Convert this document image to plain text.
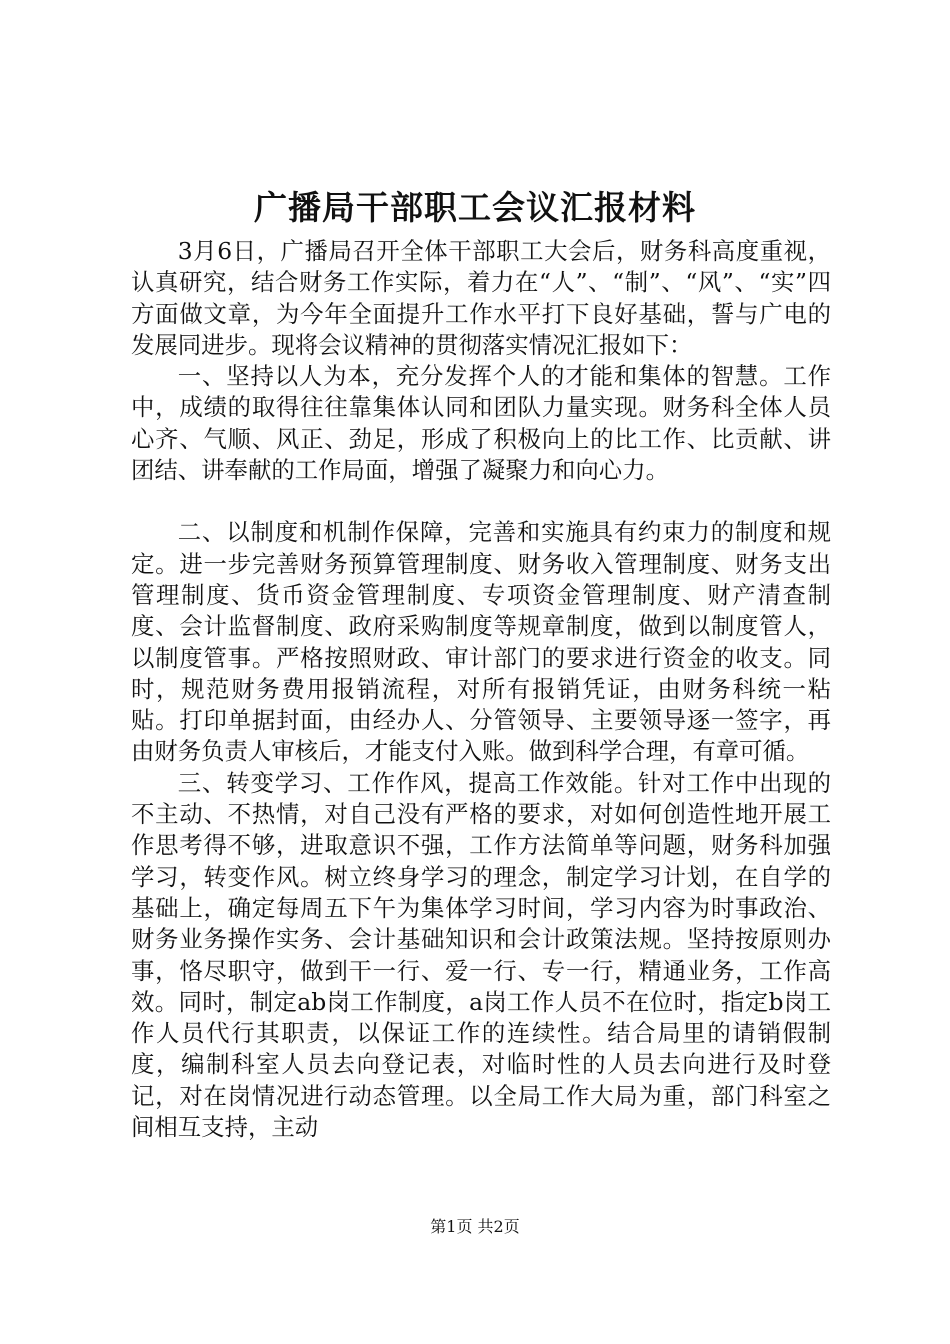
广播局干部职工会议汇报材料

3月6日，广播局召开全体干部职工大会后，财务科高度重视，认真研究，结合财务工作实际，着力在“人”、“制”、“风”、“实”四方面做文章，为今年全面提升工作水平打下良好基础，誓与广电的发展同进步。现将会议精神的贯彻落实情况汇报如下：

一、坚持以人为本，充分发挥个人的才能和集体的智慧。工作中，成绩的取得往往靠集体认同和团队力量实现。财务科全体人员心齐、气顺、风正、劲足，形成了积极向上的比工作、比贡献、讲团结、讲奉献的工作局面，增强了凝聚力和向心力。

二、以制度和机制作保障，完善和实施具有约束力的制度和规定。进一步完善财务预算管理制度、财务收入管理制度、财务支出管理制度、货币资金管理制度、专项资金管理制度、财产清查制度、会计监督制度、政府采购制度等规章制度，做到以制度管人，以制度管事。严格按照财政、审计部门的要求进行资金的收支。同时，规范财务费用报销流程，对所有报销凭证，由财务科统一粘贴。打印单据封面，由经办人、分管领导、主要领导逐一签字，再由财务负责人审核后，才能支付入账。做到科学合理，有章可循。

三、转变学习、工作作风，提高工作效能。针对工作中出现的不主动、不热情，对自己没有严格的要求，对如何创造性地开展工作思考得不够，进取意识不强，工作方法简单等问题，财务科加强学习，转变作风。树立终身学习的理念，制定学习计划，在自学的基础上，确定每周五下午为集体学习时间，学习内容为时事政治、财务业务操作实务、会计基础知识和会计政策法规。坚持按原则办事，恪尽职守，做到干一行、爱一行、专一行，精通业务，工作高效。同时，制定ab岗工作制度，a岗工作人员不在位时，指定b岗工作人员代行其职责，以保证工作的连续性。结合局里的请销假制度，编制科室人员去向登记表，对临时性的人员去向进行及时登记，对在岗情况进行动态管理。以全局工作大局为重，部门科室之间相互支持，主动

第1页 共2页
